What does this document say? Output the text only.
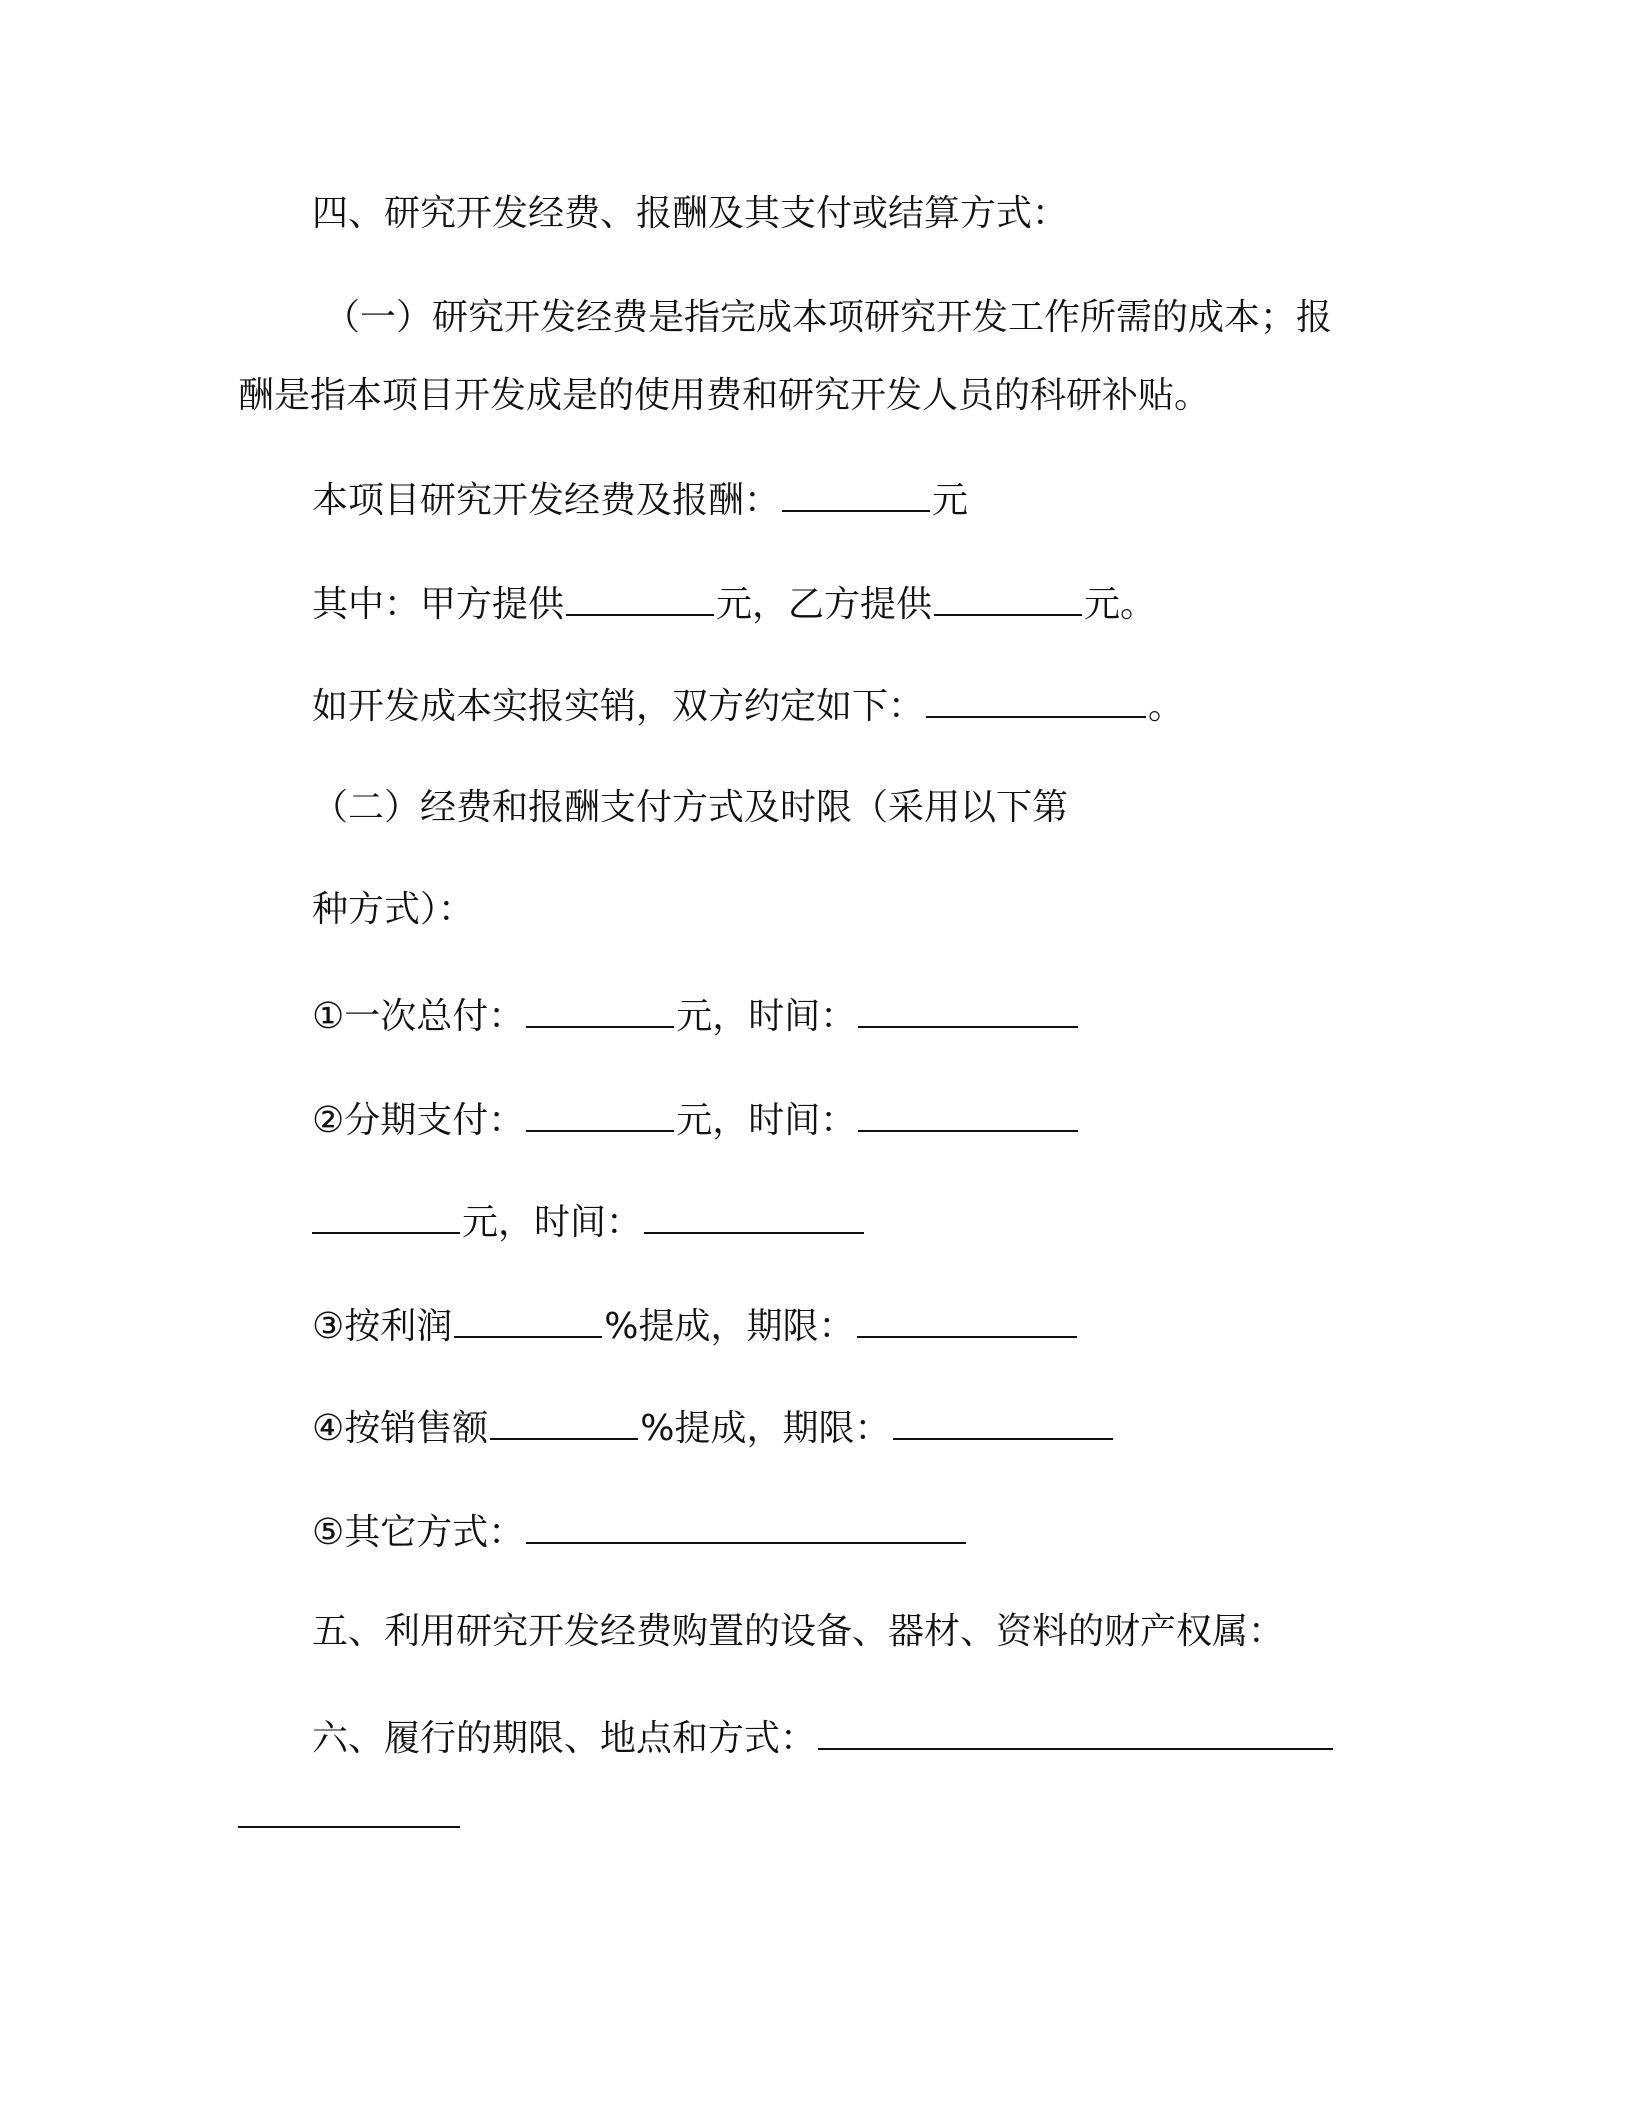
四、研究开发经费、报酬及其支付或结算方式：
（一）研究开发经费是指完成本项研究开发工作所需的成本；报
酬是指本项目开发成是的使用费和研究开发人员的科研补贴。
本项目研究开发经费及报酬：	元
其中：甲方提供	元，乙方提供	元。
如开发成本实报实销，双方约定如下：	。
（二）经费和报酬支付方式及时限（采用以下第
种方式）：
①一次总付：	元，时间：
②分期支付：	元，时间：
元，时间：
③按利润	%提成，期限：
④按销售额	%提成，期限：
⑤其它方式：
五、利用研究开发经费购置的设备、器材、资料的财产权属：
六、履行的期限、地点和方式：
